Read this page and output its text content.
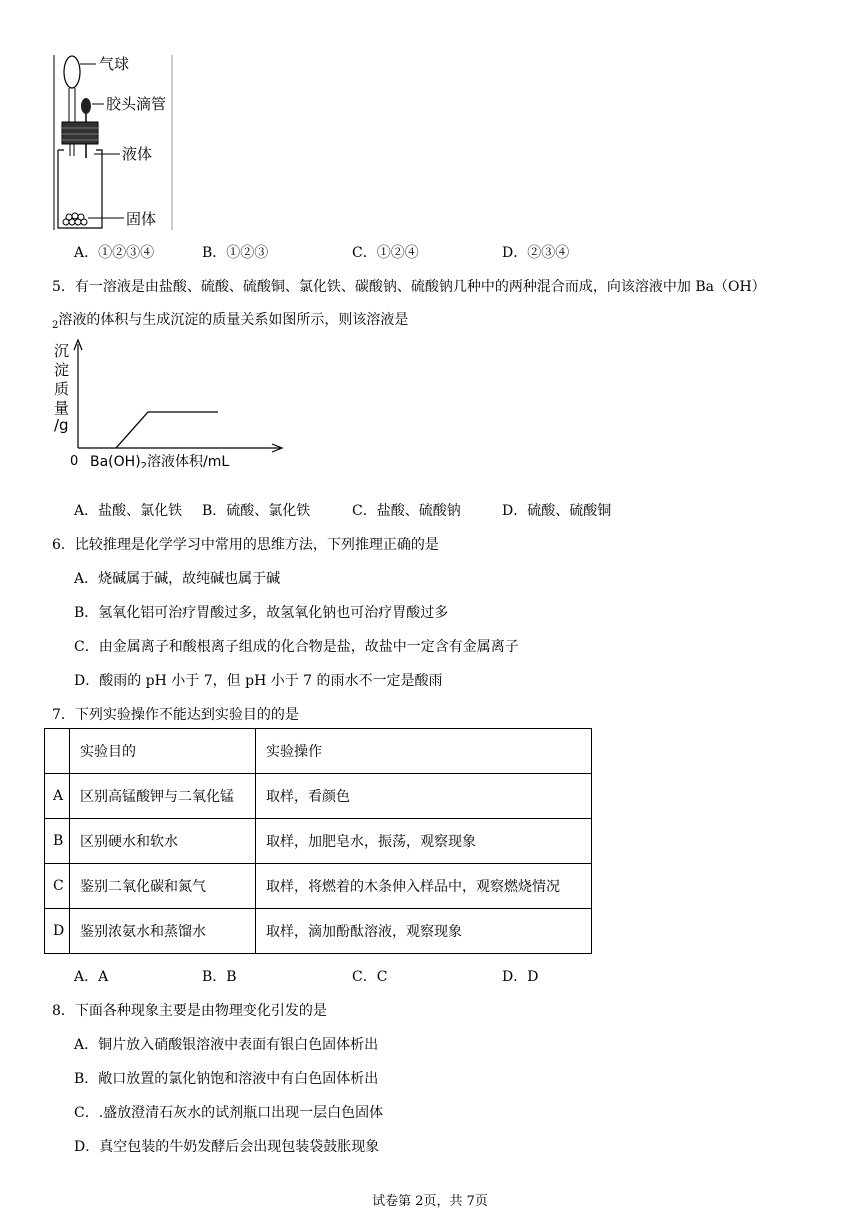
气球
胶头滴管
液体
固体
A．①②③④	B．①②③	C．①②④	D．②③④
5．有一溶液是由盐酸、硫酸、硫酸铜、氯化铁、碳酸钠、硫酸钠几种中的两种混合而成，向该溶液中加 Ba（OH）
$_2$溶液的体积与生成沉淀的质量关系如图所示，则该溶液是
沉
淀
质
量
/g
0 $Ba(OH)_2$溶液体积/mL
A．盐酸、氯化铁 B．硫酸、氯化铁	C．盐酸、硫酸钠	D．硫酸、硫酸铜
6．比较推理是化学学习中常用的思维方法，下列推理正确的是
A．烧碱属于碱，故纯碱也属于碱
B．氢氧化铝可治疗胃酸过多，故氢氧化钠也可治疗胃酸过多
C．由金属离子和酸根离子组成的化合物是盐，故盐中一定含有金属离子
D．酸雨的 pH 小于 7，但 pH 小于 7 的雨水不一定是酸雨
7．下列实验操作不能达到实验目的的是
	实验目的	实验操作
A	区别高锰酸钾与二氧化锰	取样，看颜色
B	区别硬水和软水	取样，加肥皂水，振荡，观察现象
C	鉴别二氧化碳和氮气	取样，将燃着的木条伸入样品中，观察燃烧情况
D	鉴别浓氨水和蒸馏水	取样，滴加酚酞溶液，观察现象
A．A	B．B	C．C	D．D
8．下面各种现象主要是由物理变化引发的是
A．铜片放入硝酸银溶液中表面有银白色固体析出
B．敞口放置的氯化钠饱和溶液中有白色固体析出
C．.盛放澄清石灰水的试剂瓶口出现一层白色固体
D．真空包装的牛奶发酵后会出现包装袋鼓胀现象
试卷第 2页，共 7页
